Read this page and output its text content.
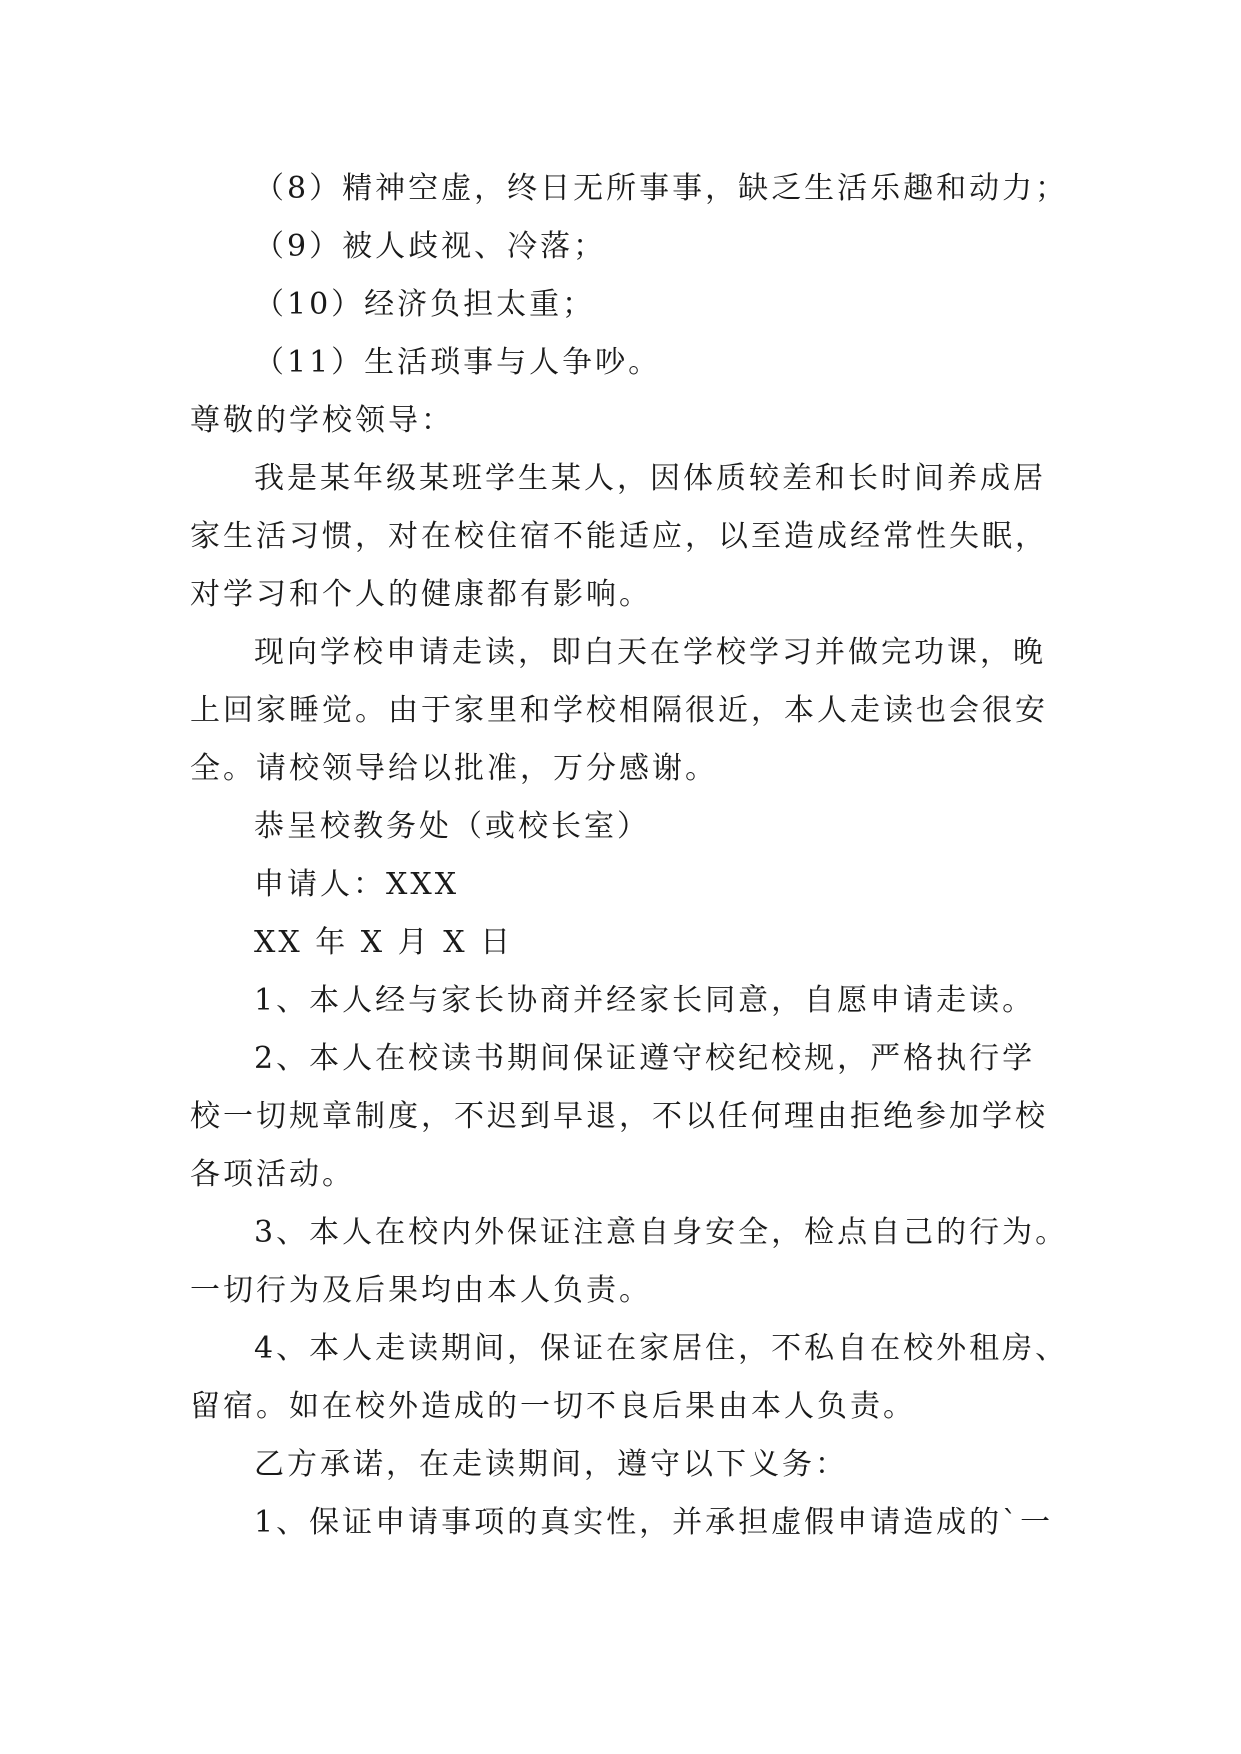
（8）精神空虚，终日无所事事，缺乏生活乐趣和动力；
（9）被人歧视、冷落；
（10）经济负担太重；
（11）生活琐事与人争吵。
尊敬的学校领导：
我是某年级某班学生某人，因体质较差和长时间养成居
家生活习惯，对在校住宿不能适应，以至造成经常性失眠，
对学习和个人的健康都有影响。
现向学校申请走读，即白天在学校学习并做完功课，晚
上回家睡觉。由于家里和学校相隔很近，本人走读也会很安
全。请校领导给以批准，万分感谢。
恭呈校教务处（或校长室）
申请人：XXX
XX 年 X 月 X 日
1、本人经与家长协商并经家长同意，自愿申请走读。
2、本人在校读书期间保证遵守校纪校规，严格执行学
校一切规章制度，不迟到早退，不以任何理由拒绝参加学校
各项活动。
3、本人在校内外保证注意自身安全，检点自己的行为。
一切行为及后果均由本人负责。
4、本人走读期间，保证在家居住，不私自在校外租房、
留宿。如在校外造成的一切不良后果由本人负责。
乙方承诺，在走读期间，遵守以下义务：
1、保证申请事项的真实性，并承担虚假申请造成的`一
